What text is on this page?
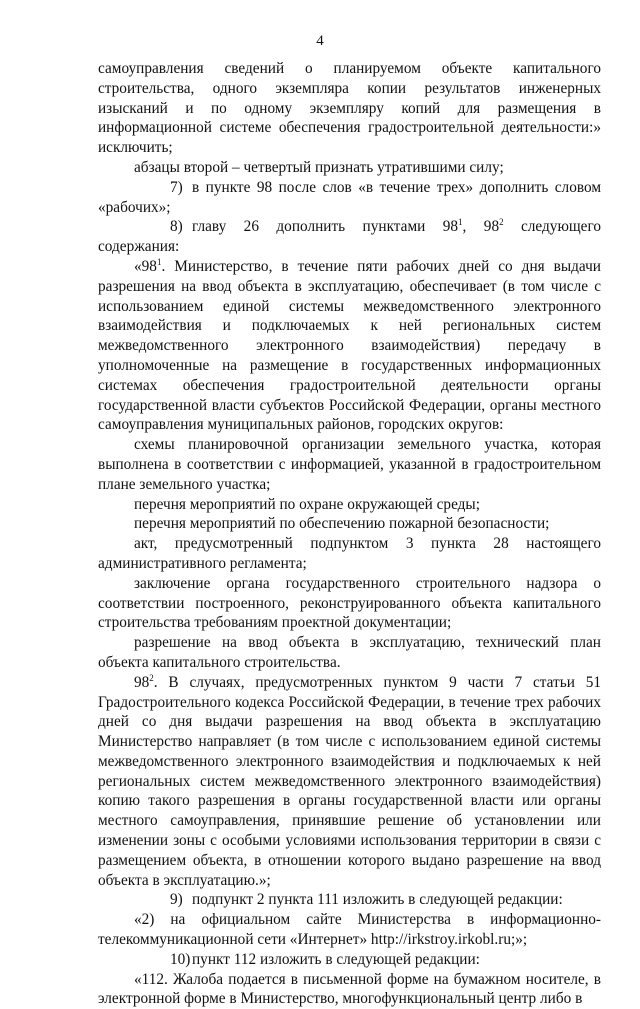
4

самоуправления сведений о планируемом объекте капитального строительства, одного экземпляра копии результатов инженерных изысканий и по одному экземпляру копий для размещения в информационной системе обеспечения градостроительной деятельности:» исключить;

абзацы второй – четвертый признать утратившими силу;

7) в пункте 98 после слов «в течение трех» дополнить словом «рабочих»;

8) главу 26 дополнить пунктами $98^1$, $98^2$ следующего содержания:

«$98^1$. Министерство, в течение пяти рабочих дней со дня выдачи разрешения на ввод объекта в эксплуатацию, обеспечивает (в том числе с использованием единой системы межведомственного электронного взаимодействия и подключаемых к ней региональных систем межведомственного электронного взаимодействия) передачу в уполномоченные на размещение в государственных информационных системах обеспечения градостроительной деятельности органы государственной власти субъектов Российской Федерации, органы местного самоуправления муниципальных районов, городских округов:

схемы планировочной организации земельного участка, которая выполнена в соответствии с информацией, указанной в градостроительном плане земельного участка;

перечня мероприятий по охране окружающей среды;

перечня мероприятий по обеспечению пожарной безопасности;

акт, предусмотренный подпунктом 3 пункта 28 настоящего административного регламента;

заключение органа государственного строительного надзора о соответствии построенного, реконструированного объекта капитального строительства требованиям проектной документации;

разрешение на ввод объекта в эксплуатацию, технический план объекта капитального строительства.

$98^2$. В случаях, предусмотренных пунктом 9 части 7 статьи 51 Градостроительного кодекса Российской Федерации, в течение трех рабочих дней со дня выдачи разрешения на ввод объекта в эксплуатацию Министерство направляет (в том числе с использованием единой системы межведомственного электронного взаимодействия и подключаемых к ней региональных систем межведомственного электронного взаимодействия) копию такого разрешения в органы государственной власти или органы местного самоуправления, принявшие решение об установлении или изменении зоны с особыми условиями использования территории в связи с размещением объекта, в отношении которого выдано разрешение на ввод объекта в эксплуатацию.»;

9) подпункт 2 пункта 111 изложить в следующей редакции:

«2) на официальном сайте Министерства в информационно-телекоммуникационной сети «Интернет» http://irkstroy.irkobl.ru;»;

10) пункт 112 изложить в следующей редакции:

«112. Жалоба подается в письменной форме на бумажном носителе, в электронной форме в Министерство, многофункциональный центр либо в
